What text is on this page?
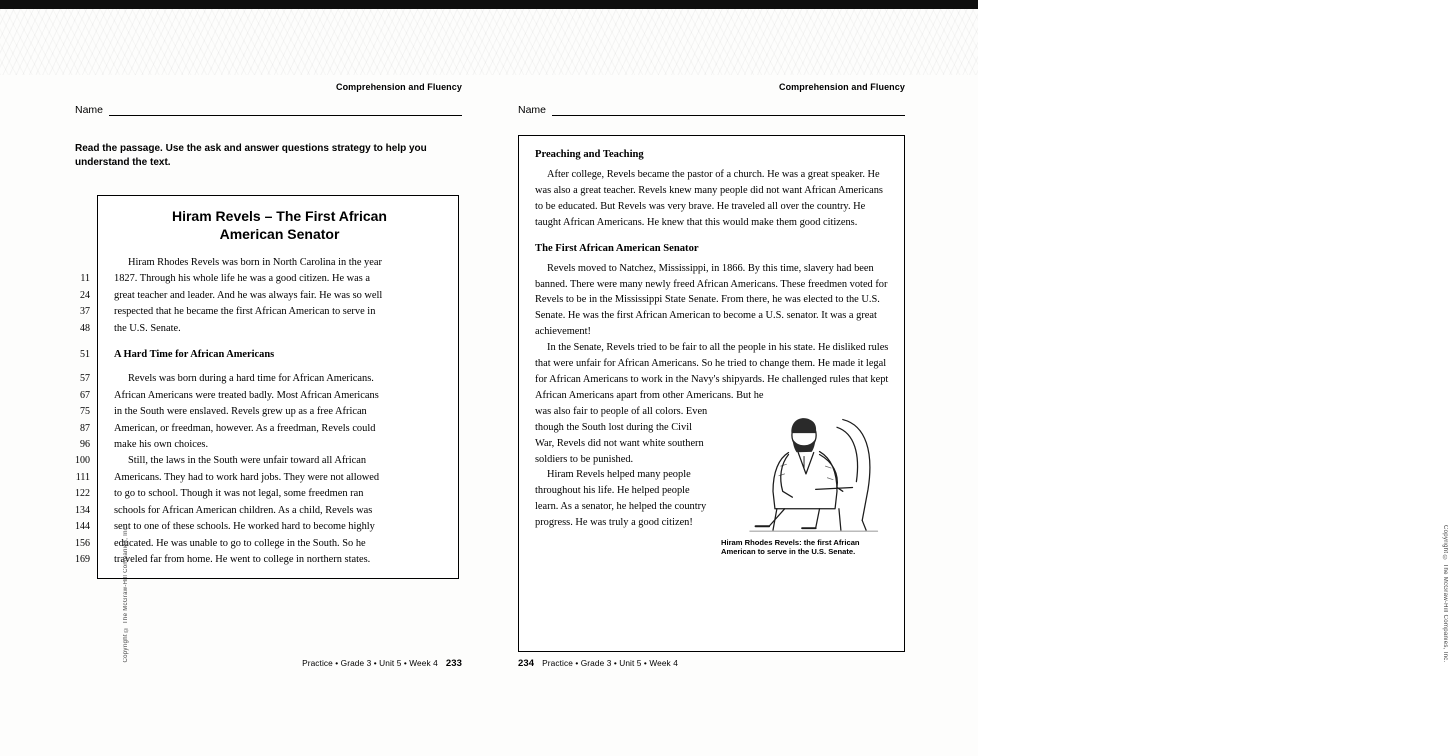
Comprehension and Fluency
Name
Read the passage. Use the ask and answer questions strategy to help you understand the text.
Hiram Revels – The First African
American Senator
Hiram Rhodes Revels was born in North Carolina in the year
11 1827. Through his whole life he was a good citizen. He was a
24 great teacher and leader. And he was always fair. He was so well
37 respected that he became the first African American to serve in
48 the U.S. Senate.
51 A Hard Time for African Americans
57	Revels was born during a hard time for African Americans.
67 African Americans were treated badly. Most African Americans
75 in the South were enslaved. Revels grew up as a free African
87 American, or freedman, however. As a freedman, Revels could
96 make his own choices.
100	Still, the laws in the South were unfair toward all African
111 Americans. They had to work hard jobs. They were not allowed
122 to go to school. Though it was not legal, some freedmen ran
134 schools for African American children. As a child, Revels was
144 sent to one of these schools. He worked hard to become highly
156 educated. He was unable to go to college in the South. So he
169 traveled far from home. He went to college in northern states.
Copyright © The McGraw-Hill Companies, Inc.
Comprehension and Fluency
Name
Preaching and Teaching

After college, Revels became the pastor of a church. He was a great speaker. He was also a great teacher. Revels knew many people did not want African Americans to be educated. But Revels was very brave. He traveled all over the country. He taught African Americans. He knew that this would make them good citizens.

The First African American Senator

Revels moved to Natchez, Mississippi, in 1866. By this time, slavery had been banned. There were many newly freed African Americans. These freedmen voted for Revels to be in the Mississippi State Senate. From there, he was elected to the U.S. Senate. He was the first African American to become a U.S. senator. It was a great achievement!

In the Senate, Revels tried to be fair to all the people in his state. He disliked rules that were unfair for African Americans. So he tried to change them. He made it legal for African Americans to work in the Navy's shipyards. He challenged rules that kept African Americans apart from other Americans. But he

Hiram Rhodes Revels: the first African American to serve in the U.S. Senate.

was also fair to people of all colors. Even though the South lost during the Civil War, Revels did not want white southern soldiers to be punished.

Hiram Revels helped many people throughout his life. He helped people learn. As a senator, he helped the country progress. He was truly a good citizen!

Copyright © The McGraw-Hill Companies, Inc.
Practice • Grade 3 • Unit 5 • Week 4 233	234 Practice • Grade 3 • Unit 5 • Week 4
